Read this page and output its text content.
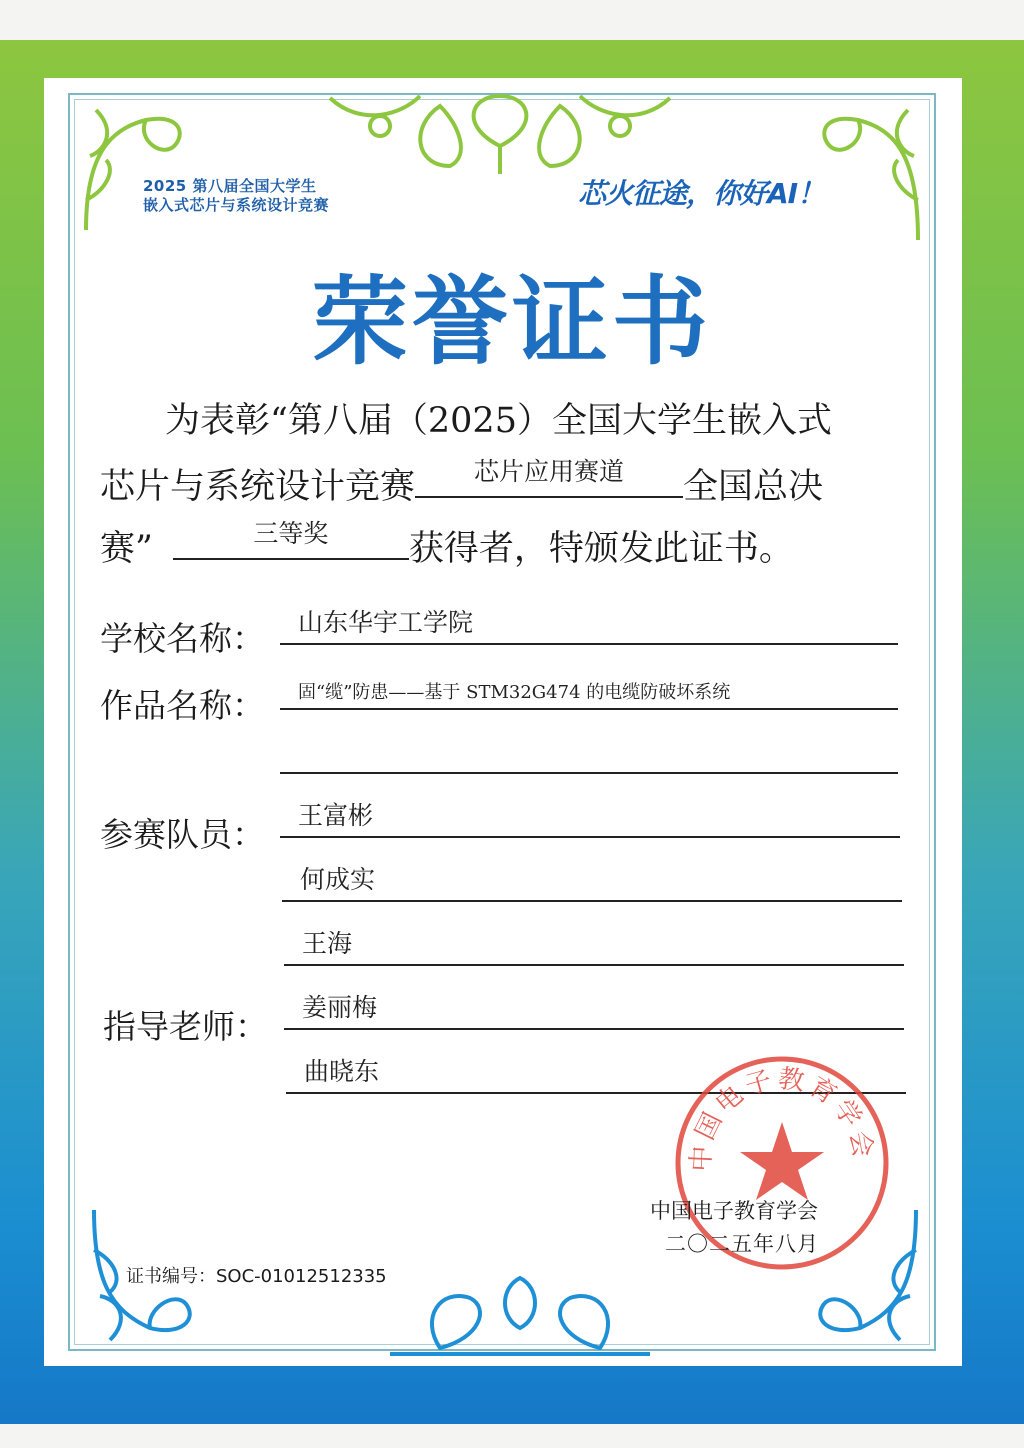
2025 第八届全国大学生
嵌入式芯片与系统设计竞赛	芯火征途，你好AI！
荣誉证书
为表彰“第八届（2025）全国大学生嵌入式
芯片与系统设计竞赛	芯片应用赛道	全国总决
赛”	三等奖	获得者，特颁发此证书。
学校名称： 山东华宇工学院
作品名称： 固“缆”防患——基于 STM32G474 的电缆防破坏系统
参赛队员： 王富彬
何成实
王海
指导老师： 姜丽梅
曲晓东
中国电子教育学会
中国电子教育学会
二〇二五年八月
证书编号：SOC-01012512335
